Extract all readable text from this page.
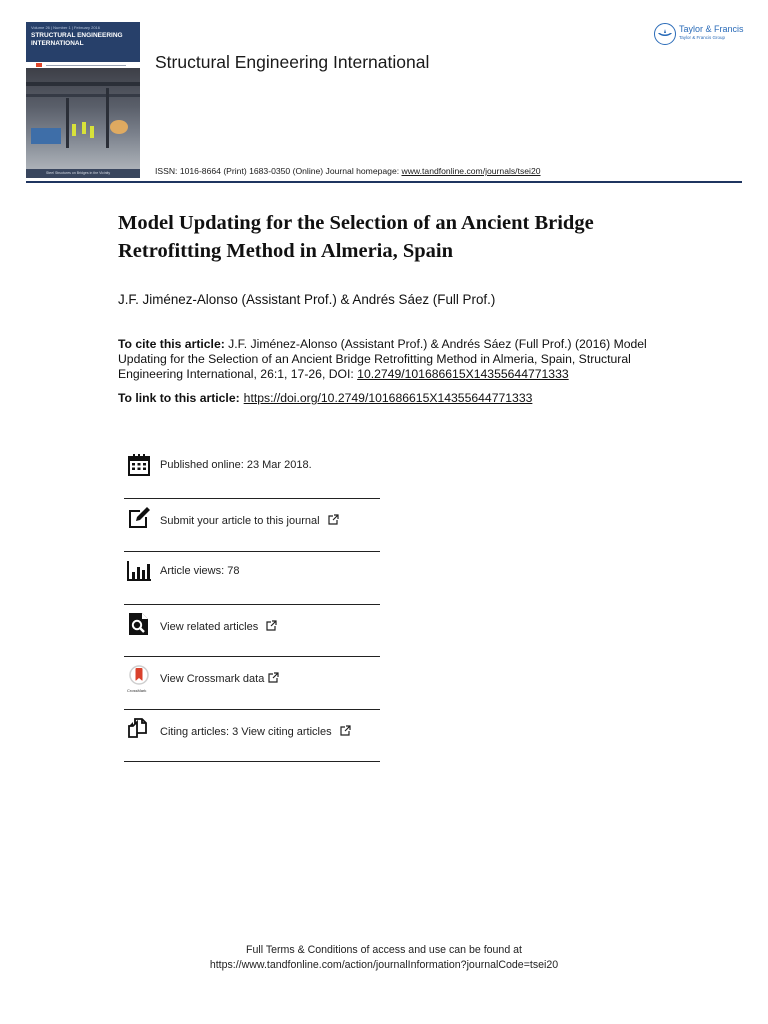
Volume 26 | Number 1 | February 2016
STRUCTURAL ENGINEERING
INTERNATIONAL
Steel Structures on Bridges in the Vicinity
Structural Engineering International
ISSN: 1016-8664 (Print) 1683-0350 (Online) Journal homepage: www.tandfonline.com/journals/tsei20
Taylor & Francis
Taylor & Francis Group
Model Updating for the Selection of an Ancient Bridge Retrofitting Method in Almeria, Spain
J.F. Jiménez-Alonso (Assistant Prof.) & Andrés Sáez (Full Prof.)
To cite this article: J.F. Jiménez-Alonso (Assistant Prof.) & Andrés Sáez (Full Prof.) (2016) Model Updating for the Selection of an Ancient Bridge Retrofitting Method in Almeria, Spain, Structural Engineering International, 26:1, 17-26, DOI: 10.2749/101686615X14355644771333
To link to this article: https://doi.org/10.2749/101686615X14355644771333
Published online: 23 Mar 2018.
Submit your article to this journal
Article views: 78
View related articles
CrossMark
View Crossmark data
Citing articles: 3 View citing articles
Full Terms & Conditions of access and use can be found at
https://www.tandfonline.com/action/journalInformation?journalCode=tsei20
